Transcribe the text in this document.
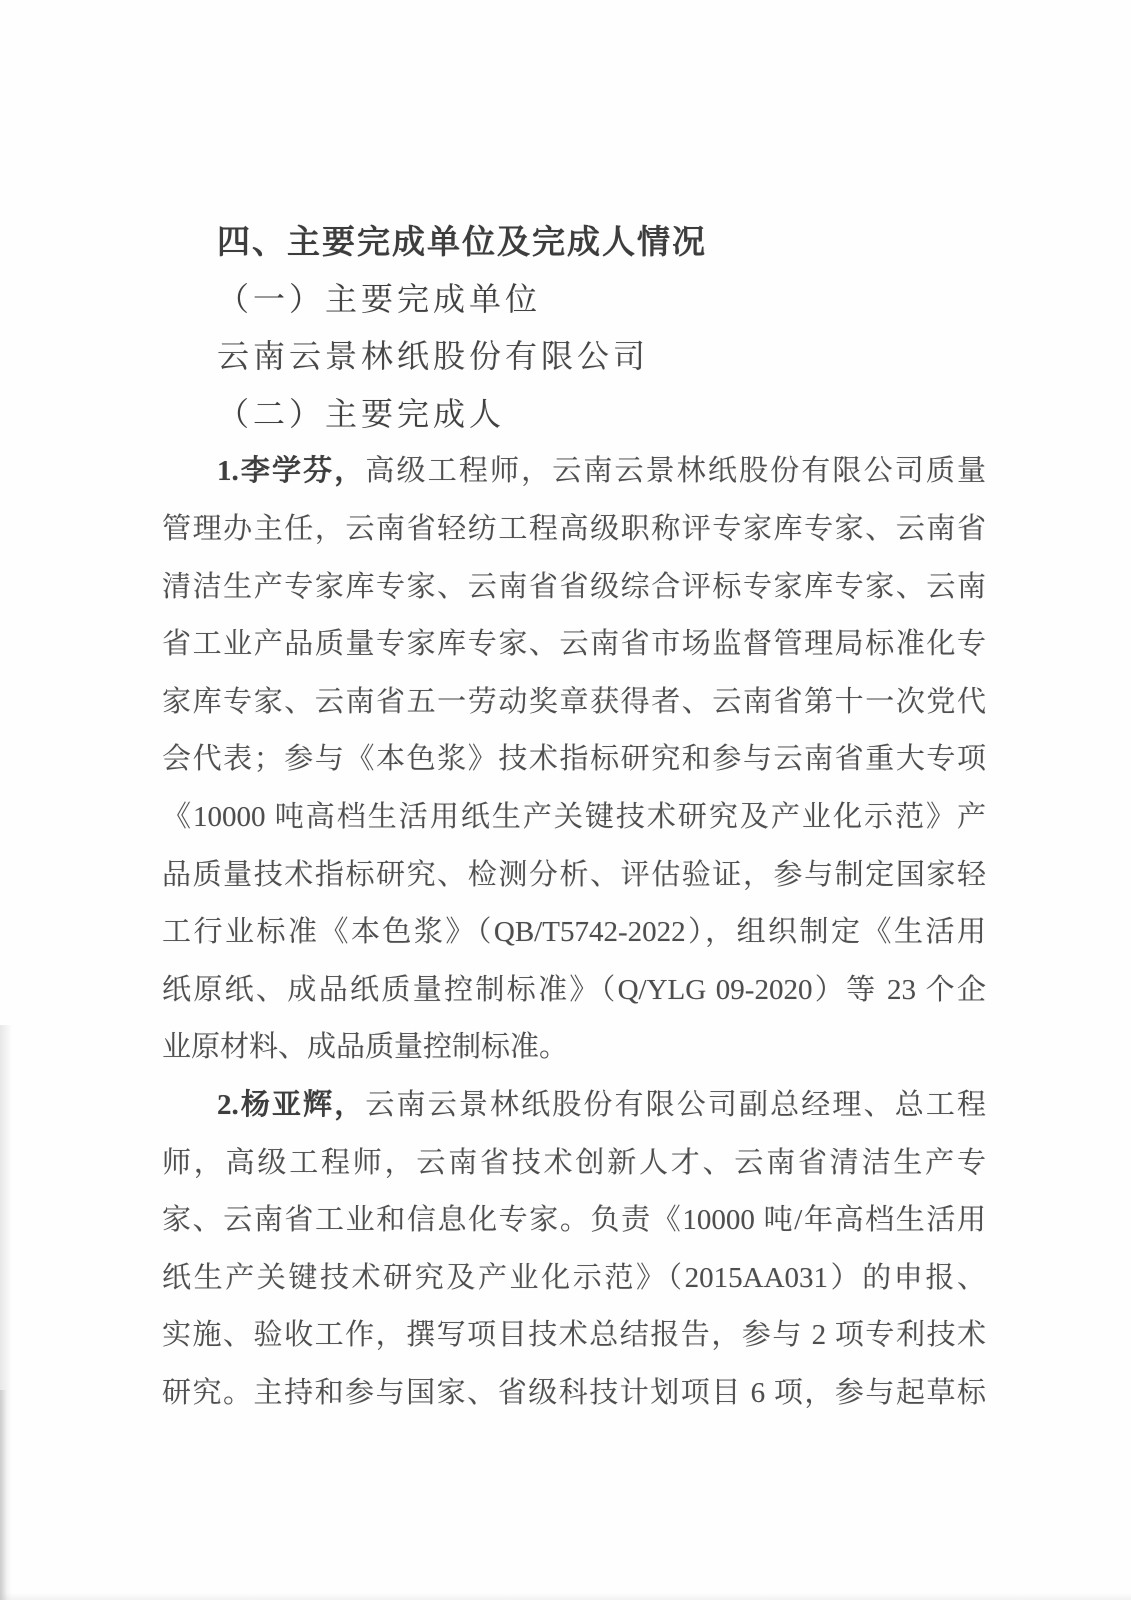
四、主要完成单位及完成人情况
（一）主要完成单位
云南云景林纸股份有限公司
（二）主要完成人
1.李学芬，高级工程师，云南云景林纸股份有限公司质量
管理办主任，云南省轻纺工程高级职称评专家库专家、云南省
清洁生产专家库专家、云南省省级综合评标专家库专家、云南
省工业产品质量专家库专家、云南省市场监督管理局标准化专
家库专家、云南省五一劳动奖章获得者、云南省第十一次党代
会代表；参与《本色浆》技术指标研究和参与云南省重大专项
《10000 吨高档生活用纸生产关键技术研究及产业化示范》产
品质量技术指标研究、检测分析、评估验证，参与制定国家轻
工行业标准《本色浆》（QB/T5742-2022），组织制定《生活用
纸原纸、成品纸质量控制标准》（Q/YLG 09-2020）等 23 个企
业原材料、成品质量控制标准。
2.杨亚辉，云南云景林纸股份有限公司副总经理、总工程
师，高级工程师，云南省技术创新人才、云南省清洁生产专
家、云南省工业和信息化专家。负责《10000 吨/年高档生活用
纸生产关键技术研究及产业化示范》（2015AA031）的申报、
实施、验收工作，撰写项目技术总结报告，参与 2 项专利技术
研究。主持和参与国家、省级科技计划项目 6 项，参与起草标
